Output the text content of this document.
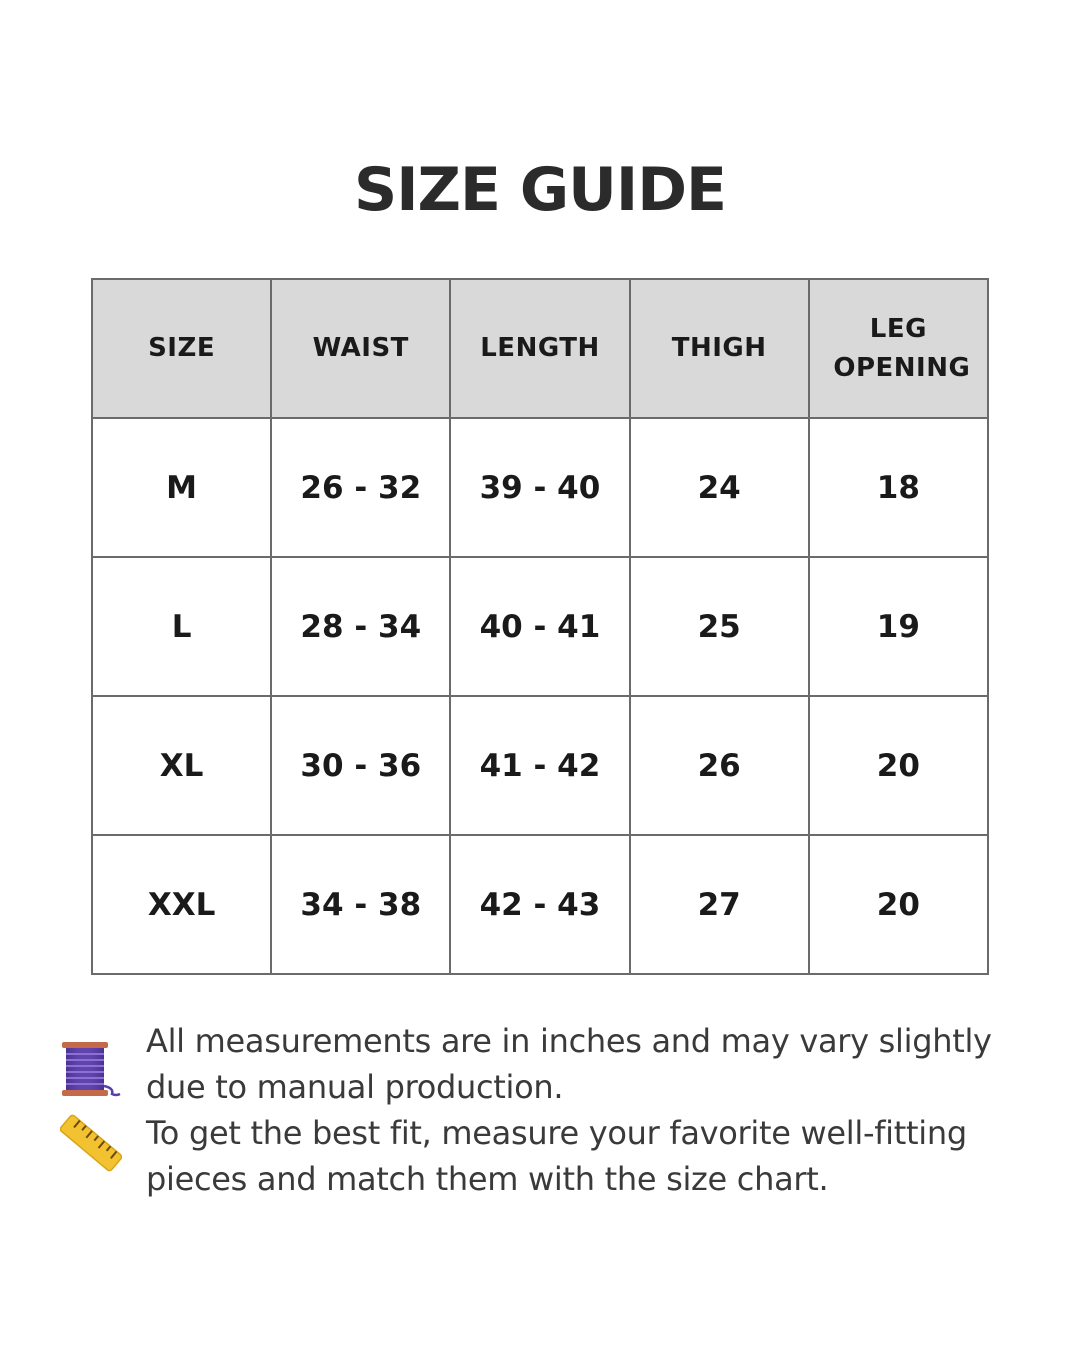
SIZE GUIDE
SIZE	WAIST	LENGTH	THIGH	LEG OPENING

M	26 - 32	39 - 40	24	18
L	28 - 34	40 - 41	25	19
XL	30 - 36	41 - 42	26	20
XXL	34 - 38	42 - 43	27	20
All measurements are in inches and may vary slightly due to manual production.
To get the best fit, measure your favorite well-fitting pieces and match them with the size chart.
